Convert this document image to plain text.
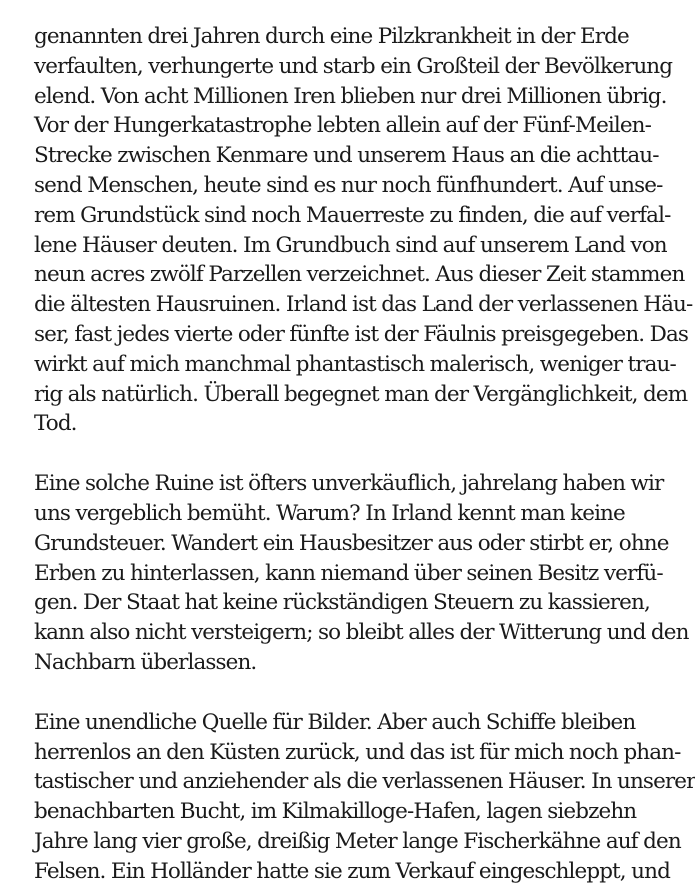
genannten drei Jahren durch eine Pilzkrankheit in der Erde
verfaulten, verhungerte und starb ein Großteil der Bevölkerung
elend. Von acht Millionen Iren blieben nur drei Millionen übrig.
Vor der Hungerkatastrophe lebten allein auf der Fünf-Meilen-
Strecke zwischen Kenmare und unserem Haus an die achttau-
send Menschen, heute sind es nur noch fünfhundert. Auf unse-
rem Grundstück sind noch Mauerreste zu finden, die auf verfal-
lene Häuser deuten. Im Grundbuch sind auf unserem Land von
neun acres zwölf Parzellen verzeichnet. Aus dieser Zeit stammen
die ältesten Hausruinen. Irland ist das Land der verlassenen Häu-
ser, fast jedes vierte oder fünfte ist der Fäulnis preisgegeben. Das
wirkt auf mich manchmal phantastisch malerisch, weniger trau-
rig als natürlich. Überall begegnet man der Vergänglichkeit, dem
Tod.
Eine solche Ruine ist öfters unverkäuflich, jahrelang haben wir
uns vergeblich bemüht. Warum? In Irland kennt man keine
Grundsteuer. Wandert ein Hausbesitzer aus oder stirbt er, ohne
Erben zu hinterlassen, kann niemand über seinen Besitz verfü-
gen. Der Staat hat keine rückständigen Steuern zu kassieren,
kann also nicht versteigern; so bleibt alles der Witterung und den
Nachbarn überlassen.
Eine unendliche Quelle für Bilder. Aber auch Schiffe bleiben
herrenlos an den Küsten zurück, und das ist für mich noch phan-
tastischer und anziehender als die verlassenen Häuser. In unserer
benachbarten Bucht, im Kilmakilloge-Hafen, lagen siebzehn
Jahre lang vier große, dreißig Meter lange Fischerkähne auf den
Felsen. Ein Holländer hatte sie zum Verkauf eingeschleppt, und
